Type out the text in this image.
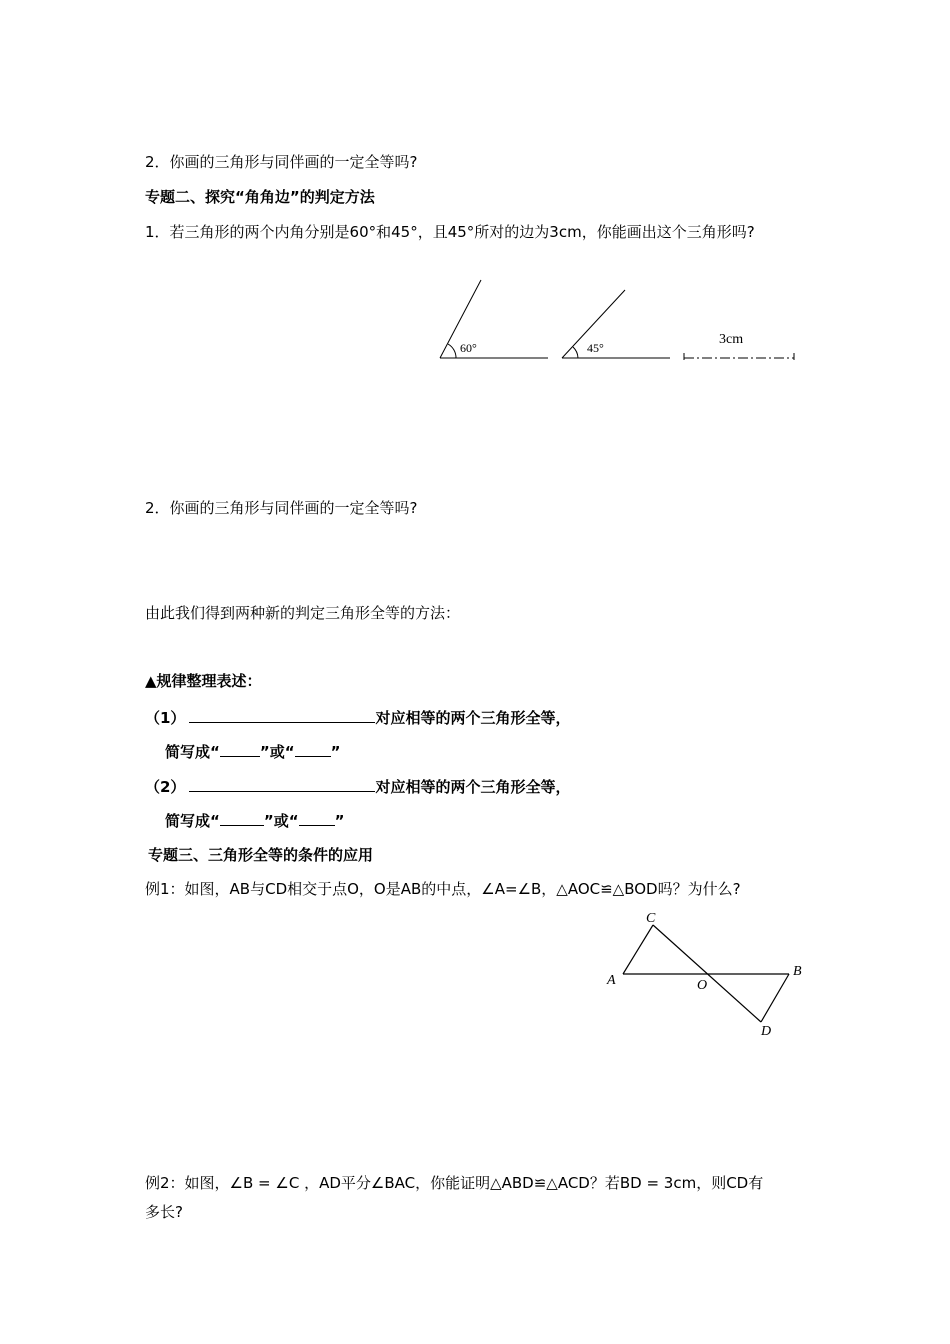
2．你画的三角形与同伴画的一定全等吗?
专题二、探究“角角边”的判定方法
1．若三角形的两个内角分别是60°和45°，且45°所对的边为3cm，你能画出这个三角形吗?
60°	45°
3cm
C
A	O
B
D
2．你画的三角形与同伴画的一定全等吗?
由此我们得到两种新的判定三角形全等的方法：
▲规律整理表述：
（1）	对应相等的两个三角形全等，
简写成“	”或“ ”
（2）	对应相等的两个三角形全等，
简写成“	”或“ ”
专题三、三角形全等的条件的应用
例1：如图，AB与CD相交于点O，O是AB的中点，∠A=∠B，△AOC≌△BOD吗？为什么?
例2：如图，∠B = ∠C ，AD平分∠BAC，你能证明△ABD≌△ACD？若BD = 3cm，则CD有
多长?
